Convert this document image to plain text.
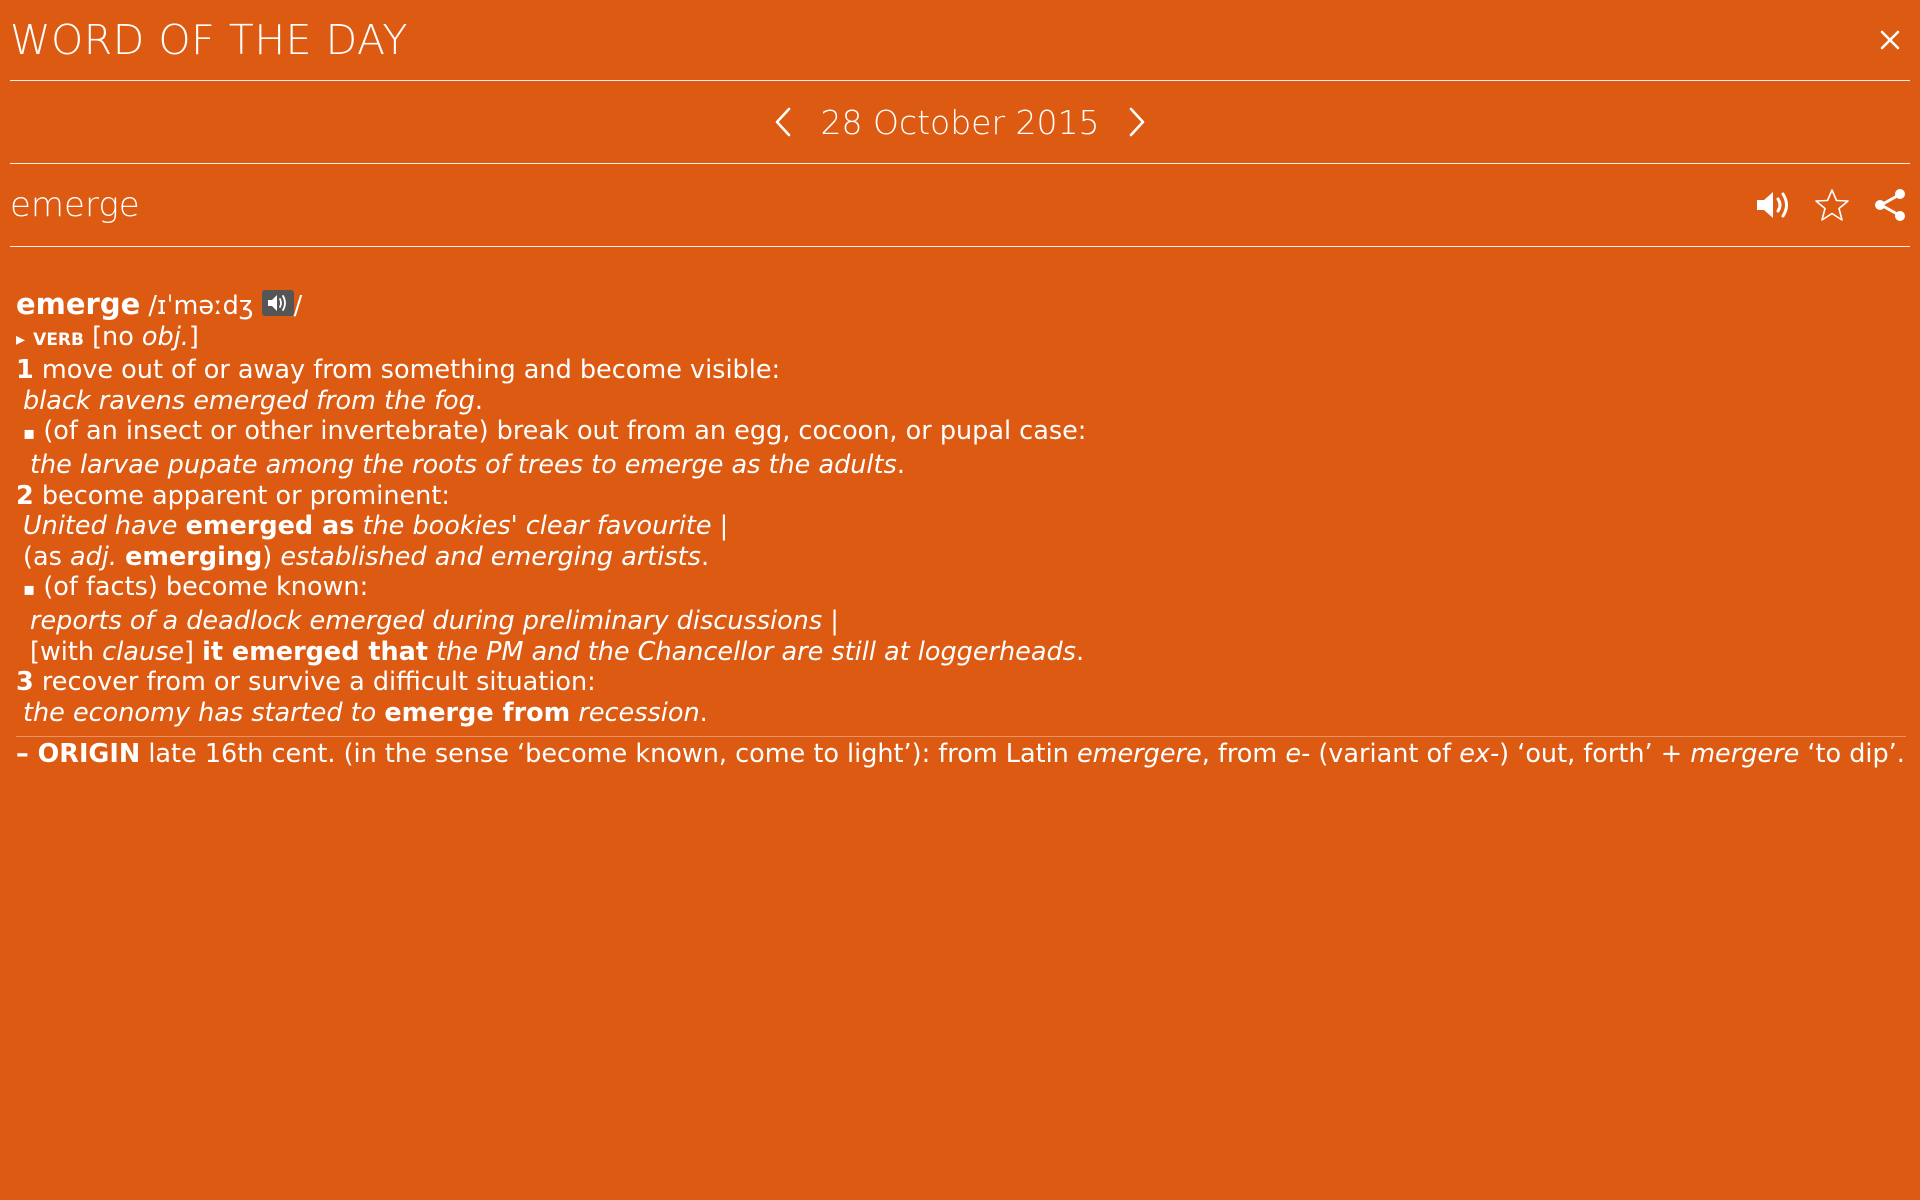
WORD OF THE DAY
28 October 2015
emerge
emerge /ɪˈməːdʒ /
▸ verb [no obj.]
1 move out of or away from something and become visible:
black ravens emerged from the fog.
▪ (of an insect or other invertebrate) break out from an egg, cocoon, or pupal case:
the larvae pupate among the roots of trees to emerge as the adults.
2 become apparent or prominent:
United have emerged as the bookies' clear favourite |
(as adj. emerging) established and emerging artists.
▪ (of facts) become known:
reports of a deadlock emerged during preliminary discussions |
[with clause] it emerged that the PM and the Chancellor are still at loggerheads.
3 recover from or survive a difficult situation:
the economy has started to emerge from recession.
– ORIGIN late 16th cent. (in the sense ‘become known, come to light’): from Latin emergere, from e- (variant of ex-) ‘out, forth’ + mergere ‘to dip’.
